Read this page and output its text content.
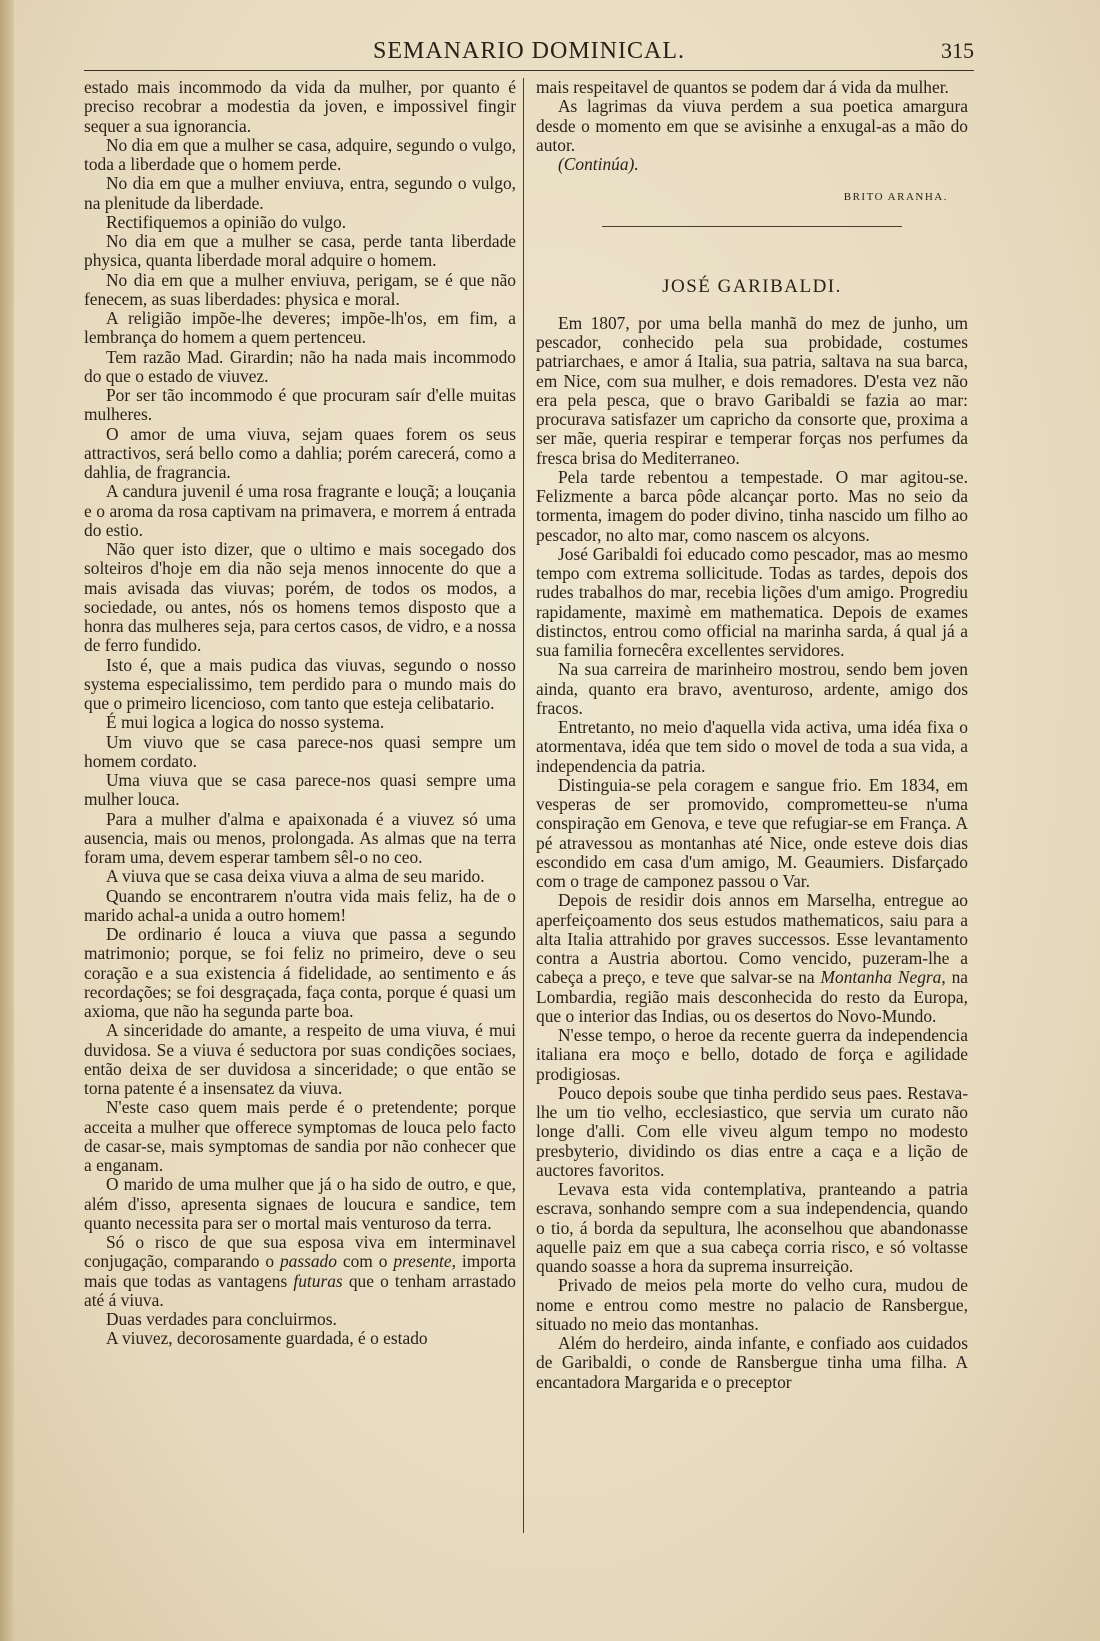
SEMANARIO DOMINICAL.	315

estado mais incommodo da vida da mulher, por quanto é preciso recobrar a modestia da joven, e impossivel fingir sequer a sua ignorancia.

No dia em que a mulher se casa, adquire, segundo o vulgo, toda a liberdade que o homem perde.

No dia em que a mulher enviuva, entra, segundo o vulgo, na plenitude da liberdade.

Rectifiquemos a opinião do vulgo.

No dia em que a mulher se casa, perde tanta liberdade physica, quanta liberdade moral adquire o homem.

No dia em que a mulher enviuva, perigam, se é que não fenecem, as suas liberdades: physica e moral.

A religião impõe-lhe deveres; impõe-lh'os, em fim, a lembrança do homem a quem pertenceu.

Tem razão Mad. Girardin; não ha nada mais incommodo do que o estado de viuvez.

Por ser tão incommodo é que procuram saír d'elle muitas mulheres.

O amor de uma viuva, sejam quaes forem os seus attractivos, será bello como a dahlia; porém carecerá, como a dahlia, de fragrancia.

A candura juvenil é uma rosa fragrante e louçã; a louçania e o aroma da rosa captivam na primavera, e morrem á entrada do estio.

Não quer isto dizer, que o ultimo e mais socegado dos solteiros d'hoje em dia não seja menos innocente do que a mais avisada das viuvas; porém, de todos os modos, a sociedade, ou antes, nós os homens temos disposto que a honra das mulheres seja, para certos casos, de vidro, e a nossa de ferro fundido.

Isto é, que a mais pudica das viuvas, segundo o nosso systema especialissimo, tem perdido para o mundo mais do que o primeiro licencioso, com tanto que esteja celibatario.

É mui logica a logica do nosso systema.

Um viuvo que se casa parece-nos quasi sempre um homem cordato.

Uma viuva que se casa parece-nos quasi sempre uma mulher louca.

Para a mulher d'alma e apaixonada é a viuvez só uma ausencia, mais ou menos, prolongada. As almas que na terra foram uma, devem esperar tambem sêl-o no ceo.

A viuva que se casa deixa viuva a alma de seu marido.

Quando se encontrarem n'outra vida mais feliz, ha de o marido achal-a unida a outro homem!

De ordinario é louca a viuva que passa a segundo matrimonio; porque, se foi feliz no primeiro, deve o seu coração e a sua existencia á fidelidade, ao sentimento e ás recordações; se foi desgraçada, faça conta, porque é quasi um axioma, que não ha segunda parte boa.

A sinceridade do amante, a respeito de uma viuva, é mui duvidosa. Se a viuva é seductora por suas condições sociaes, então deixa de ser duvidosa a sinceridade; o que então se torna patente é a insensatez da viuva.

N'este caso quem mais perde é o pretendente; porque acceita a mulher que offerece symptomas de louca pelo facto de casar-se, mais symptomas de sandia por não conhecer que a enganam.

O marido de uma mulher que já o ha sido de outro, e que, além d'isso, apresenta signaes de loucura e sandice, tem quanto necessita para ser o mortal mais venturoso da terra.

Só o risco de que sua esposa viva em interminavel conjugação, comparando o passado com o presente, importa mais que todas as vantagens futuras que o tenham arrastado até á viuva.

Duas verdades para concluirmos.

A viuvez, decorosamente guardada, é o estado

mais respeitavel de quantos se podem dar á vida da mulher.

As lagrimas da viuva perdem a sua poetica amargura desde o momento em que se avisinhe a enxugal-as a mão do autor.

(Continúa).

BRITO ARANHA.
JOSÉ GARIBALDI.

Em 1807, por uma bella manhã do mez de junho, um pescador, conhecido pela sua probidade, costumes patriarchaes, e amor á Italia, sua patria, saltava na sua barca, em Nice, com sua mulher, e dois remadores. D'esta vez não era pela pesca, que o bravo Garibaldi se fazia ao mar: procurava satisfazer um capricho da consorte que, proxima a ser mãe, queria respirar e temperar forças nos perfumes da fresca brisa do Mediterraneo.

Pela tarde rebentou a tempestade. O mar agitou-se. Felizmente a barca pôde alcançar porto. Mas no seio da tormenta, imagem do poder divino, tinha nascido um filho ao pescador, no alto mar, como nascem os alcyons.

José Garibaldi foi educado como pescador, mas ao mesmo tempo com extrema sollicitude. Todas as tardes, depois dos rudes trabalhos do mar, recebia lições d'um amigo. Progrediu rapidamente, maximè em mathematica. Depois de exames distinctos, entrou como official na marinha sarda, á qual já a sua familia fornecêra excellentes servidores.

Na sua carreira de marinheiro mostrou, sendo bem joven ainda, quanto era bravo, aventuroso, ardente, amigo dos fracos.

Entretanto, no meio d'aquella vida activa, uma idéa fixa o atormentava, idéa que tem sido o movel de toda a sua vida, a independencia da patria.

Distinguia-se pela coragem e sangue frio. Em 1834, em vesperas de ser promovido, comprometteu-se n'uma conspiração em Genova, e teve que refugiar-se em França. A pé atravessou as montanhas até Nice, onde esteve dois dias escondido em casa d'um amigo, M. Geaumiers. Disfarçado com o trage de camponez passou o Var.

Depois de residir dois annos em Marselha, entregue ao aperfeiçoamento dos seus estudos mathematicos, saiu para a alta Italia attrahido por graves successos. Esse levantamento contra a Austria abortou. Como vencido, puzeram-lhe a cabeça a preço, e teve que salvar-se na Montanha Negra, na Lombardia, região mais desconhecida do resto da Europa, que o interior das Indias, ou os desertos do Novo-Mundo.

N'esse tempo, o heroe da recente guerra da independencia italiana era moço e bello, dotado de força e agilidade prodigiosas.

Pouco depois soube que tinha perdido seus paes. Restava-lhe um tio velho, ecclesiastico, que servia um curato não longe d'alli. Com elle viveu algum tempo no modesto presbyterio, dividindo os dias entre a caça e a lição de auctores favoritos.

Levava esta vida contemplativa, pranteando a patria escrava, sonhando sempre com a sua independencia, quando o tio, á borda da sepultura, lhe aconselhou que abandonasse aquelle paiz em que a sua cabeça corria risco, e só voltasse quando soasse a hora da suprema insurreição.

Privado de meios pela morte do velho cura, mudou de nome e entrou como mestre no palacio de Ransbergue, situado no meio das montanhas.

Além do herdeiro, ainda infante, e confiado aos cuidados de Garibaldi, o conde de Ransbergue tinha uma filha. A encantadora Margarida e o preceptor
